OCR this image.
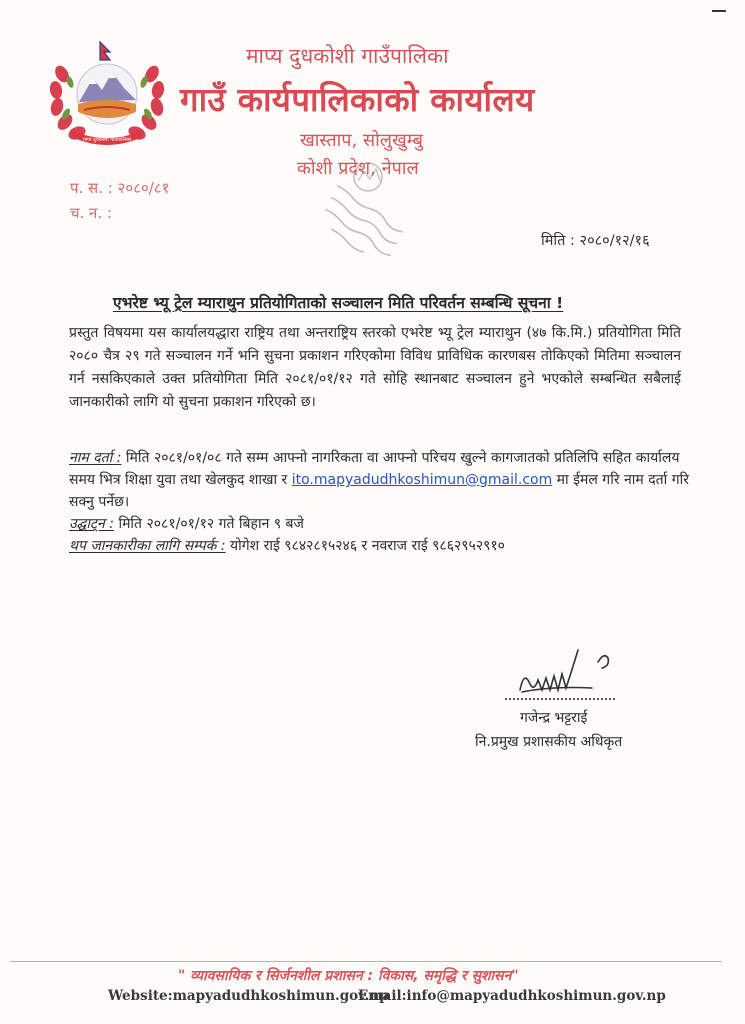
माप्य दुधकोशी गाउँपालिका
माप्य दुधकोशी गाउँपालिका
गाउँ कार्यपालिकाको कार्यालय
खास्ताप, सोलुखुम्बु
कोशी प्रदेश, नेपाल
प. स. : २०८०/८१
च. न. :
मिति : २०८०/१२/१६
एभरेष्ट भ्यू ट्रेल म्याराथुन प्रतियोगिताको सञ्चालन मिति परिवर्तन सम्बन्धि सूचना !
प्रस्तुत विषयमा यस कार्यालयद्धारा राष्ट्रिय तथा अन्तराष्ट्रिय स्तरको एभरेष्ट भ्यू ट्रेल म्याराथुन (४७ कि.मि.) प्रतियोगिता मिति २०८० चैत्र २९ गते सञ्चालन गर्ने भनि सुचना प्रकाशन गरिएकोमा विविध प्राविधिक कारणबस तोकिएको मितिमा सञ्चालन गर्न नसकिएकाले उक्त प्रतियोगिता मिति २०८१/०१/१२ गते सोहि स्थानबाट सञ्चालन हुने भएकोले सम्बन्धित सबैलाई जानकारीको लागि यो सुचना प्रकाशन गरिएको छ।
नाम दर्ता : मिति २०८१/०१/०८ गते सम्म आफ्नो नागरिकता वा आफ्नो परिचय खुल्ने कागजातको प्रतिलिपि सहित कार्यालय समय भित्र शिक्षा युवा तथा खेलकुद शाखा र ito.mapyadudhkoshimun@gmail.com मा ईमल गरि नाम दर्ता गरि सक्नु पर्नेछ।
उद्घाट्न : मिति २०८१/०१/१२ गते बिहान ९ बजे
थप जानकारीका लागि सम्पर्क : योगेश राई ९८४२८१५२४६ र नवराज राई ९८६२९५२९१०
गजेन्द्र भट्टराई
नि.प्रमुख प्रशासकीय अधिकृत
" व्यावसायिक र सिर्जनशील प्रशासन : विकास, समृद्धि र सुशासन"
Website:mapyadudhkoshimun.gov.np
Email:info@mapyadudhkoshimun.gov.np
